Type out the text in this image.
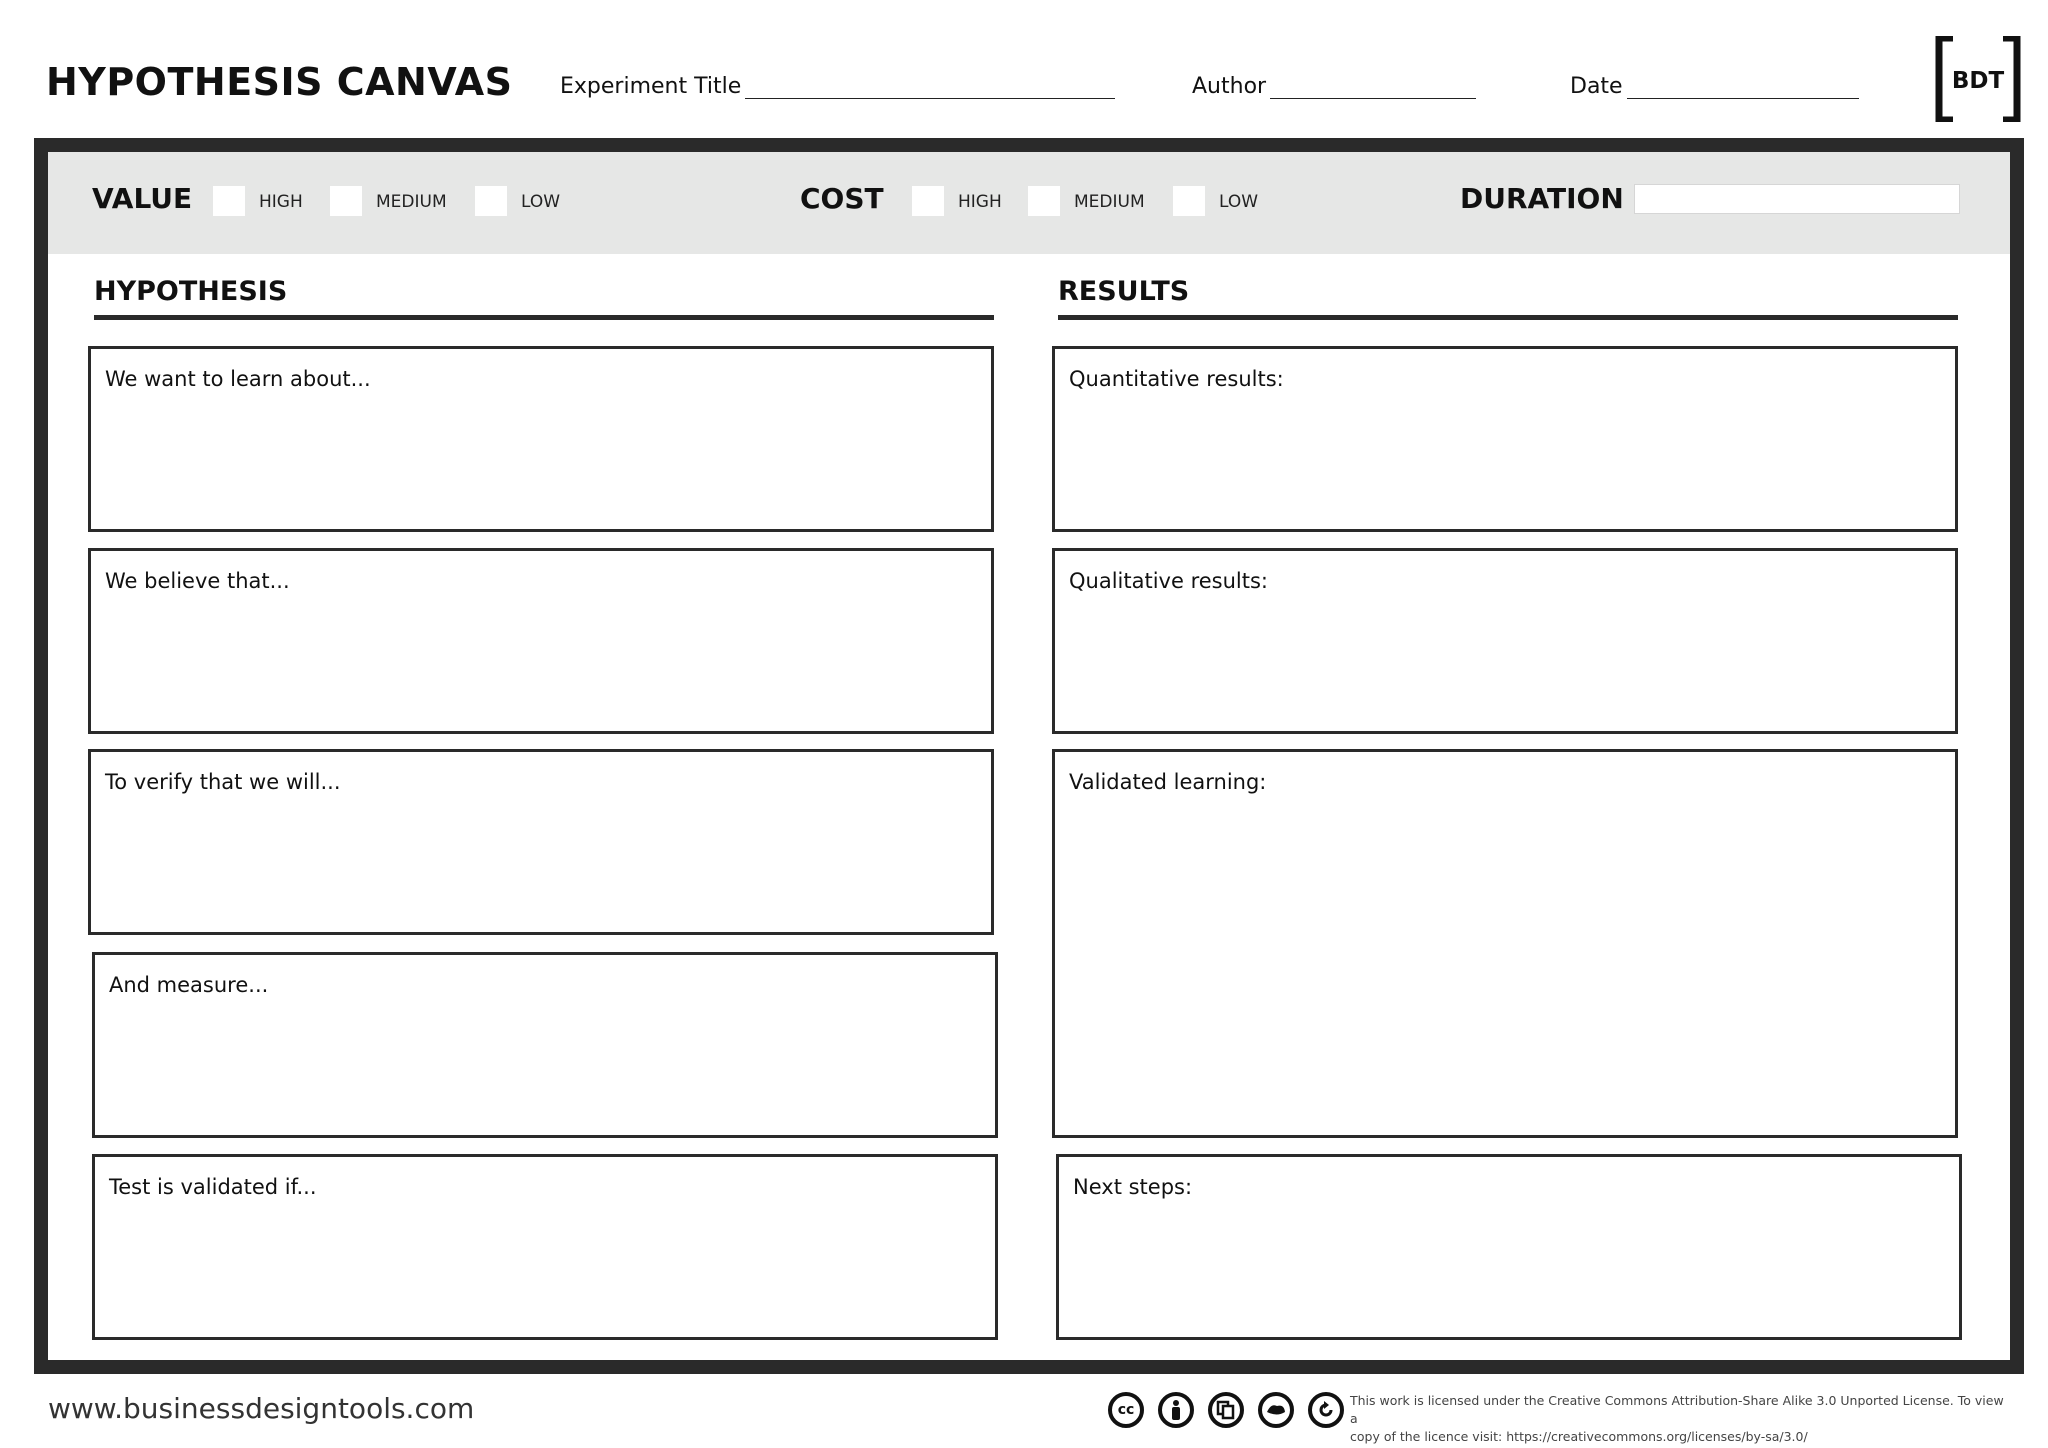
HYPOTHESIS CANVAS Experiment Title	Author	Date	BDT
VALUE	HIGH	MEDIUM	LOW	COST	HIGH	MEDIUM	LOW	DURATION
HYPOTHESIS	RESULTS
We want to learn about...
We believe that...
To verify that we will...
And measure...
Test is validated if...
Quantitative results:
Qualitative results:
Validated learning:
Next steps:
www.businessdesigntools.com	cc
This work is licensed under the Creative Commons Attribution-Share Alike 3.0 Unported License. To view a
copy of the licence visit: https://creativecommons.org/licenses/by-sa/3.0/
